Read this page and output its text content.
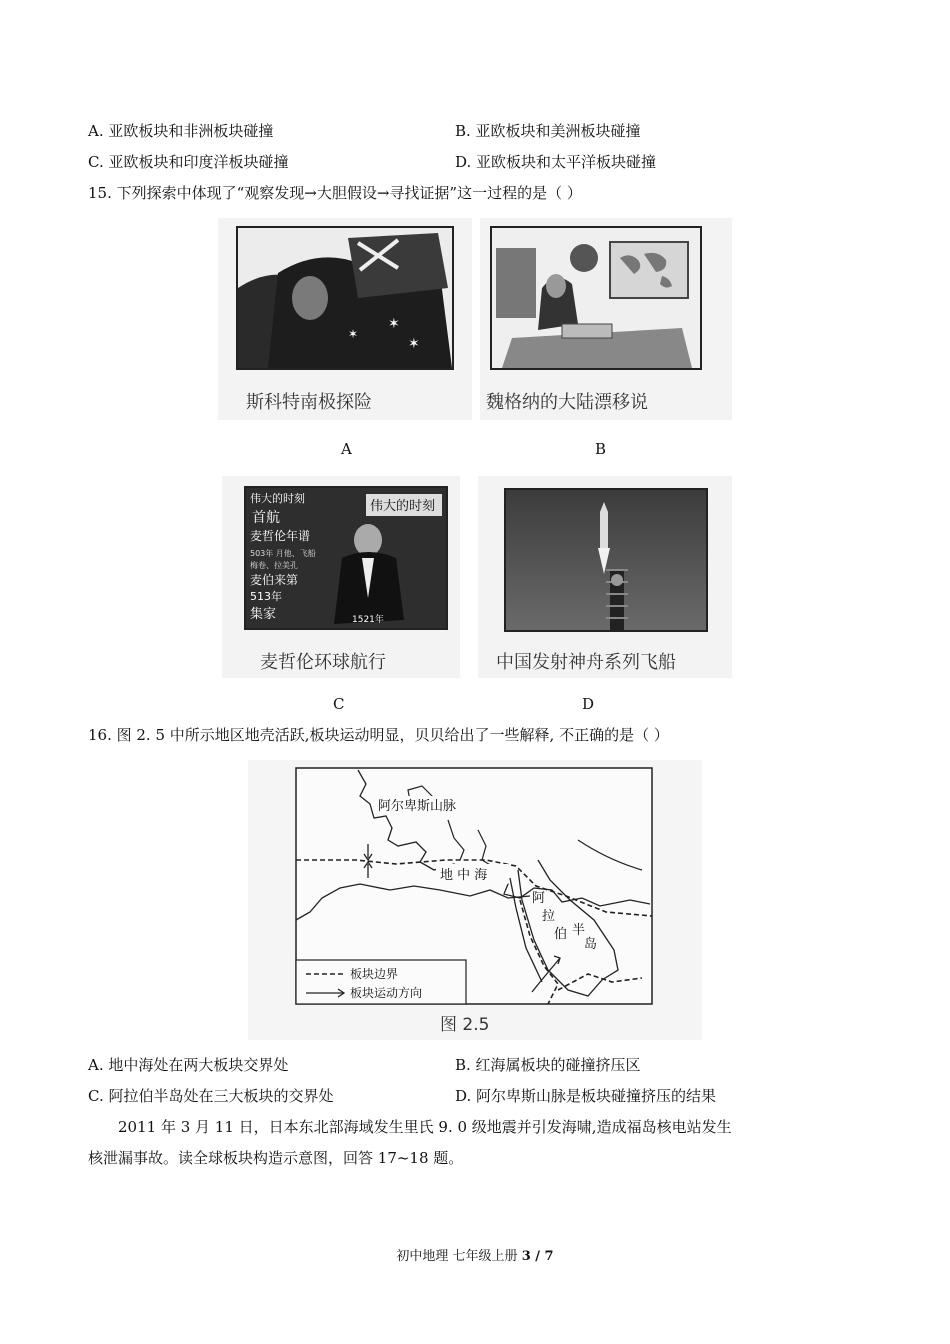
A. 亚欧板块和非洲板块碰撞	B. 亚欧板块和美洲板块碰撞
C. 亚欧板块和印度洋板块碰撞	D. 亚欧板块和太平洋板块碰撞
15. 下列探索中体现了“观察发现→大胆假设→寻找证据”这一过程的是（ ）
✶
✶
✶
斯科特南极探险
A
魏格纳的大陆漂移说
B
伟大的时刻
首航
麦哲伦年谱
503年 月他、飞船
梅卷、拉美孔
麦伯来第
513年
集家
伟大的时刻
1521年
麦哲伦环球航行
C
中国发射神舟系列飞船
D
16. 图 2. 5 中所示地区地壳活跃,板块运动明显，贝贝给出了一些解释, 不正确的是（ ）
阿尔卑斯山脉
地 中 海
阿
拉
伯 半
岛
板块边界
板块运动方向
图 2.5
A. 地中海处在两大板块交界处	B. 红海属板块的碰撞挤压区
C. 阿拉伯半岛处在三大板块的交界处	D. 阿尔卑斯山脉是板块碰撞挤压的结果
2011 年 3 月 11 日，日本东北部海域发生里氏 9. 0 级地震并引发海啸,造成福岛核电站发生
核泄漏事故。读全球板块构造示意图，回答 17~18 题。
初中地理 七年级上册 3 / 7
